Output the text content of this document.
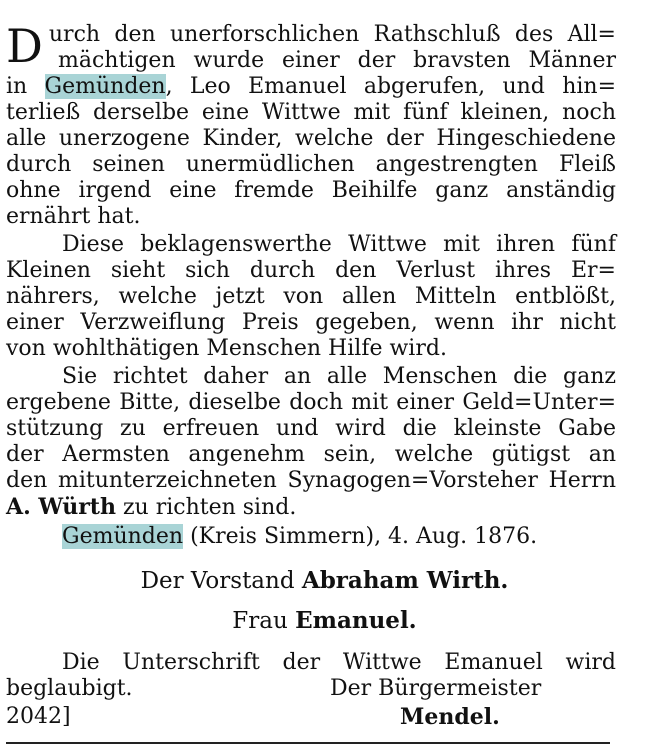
Durch den unerforschlichen Rathschluß des All=
mächtigen wurde einer der bravsten Männer
in Gemünden, Leo Emanuel abgerufen, und hin=
terließ derselbe eine Wittwe mit fünf kleinen, noch
alle unerzogene Kinder, welche der Hingeschiedene
durch seinen unermüdlichen angestrengten Fleiß
ohne irgend eine fremde Beihilfe ganz anständig
ernährt hat.
Diese beklagenswerthe Wittwe mit ihren fünf
Kleinen sieht sich durch den Verlust ihres Er=
nährers, welche jetzt von allen Mitteln entblößt,
einer Verzweiflung Preis gegeben, wenn ihr nicht
von wohlthätigen Menschen Hilfe wird.
Sie richtet daher an alle Menschen die ganz
ergebene Bitte, dieselbe doch mit einer Geld=Unter=
stützung zu erfreuen und wird die kleinste Gabe
der Aermsten angenehm sein, welche gütigst an
den mitunterzeichneten Synagogen=Vorsteher Herrn
A. Würth zu richten sind.
Gemünden (Kreis Simmern), 4. Aug. 1876.
Der Vorstand Abraham Wirth.
Frau Emanuel.
Die Unterschrift der Wittwe Emanuel wird
beglaubigt.	Der Bürgermeister
2042]	Mendel.
